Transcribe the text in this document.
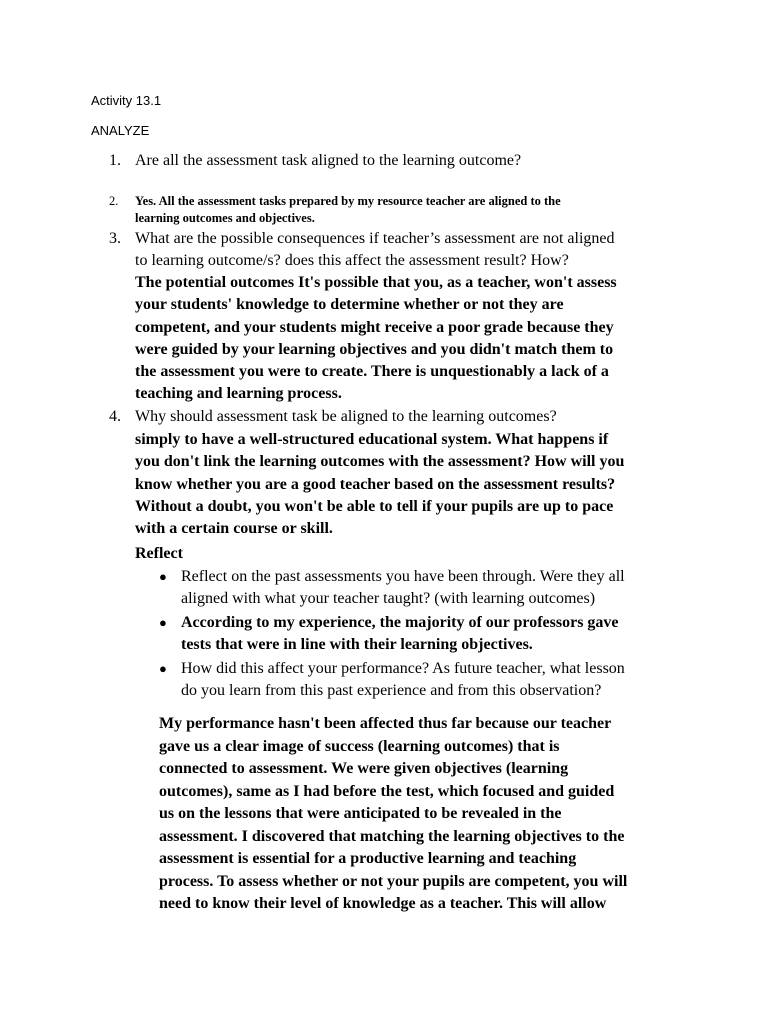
Activity 13.1
ANALYZE
1. Are all the assessment task aligned to the learning outcome?
2.	Yes. All the assessment tasks prepared by my resource teacher are aligned to the
learning outcomes and objectives.
3. What are the possible consequences if teacher’s assessment are not aligned
to learning outcome/s? does this affect the assessment result? How?
The potential outcomes It's possible that you, as a teacher, won't assess
your students' knowledge to determine whether or not they are
competent, and your students might receive a poor grade because they
were guided by your learning objectives and you didn't match them to
the assessment you were to create. There is unquestionably a lack of a
teaching and learning process.
4. Why should assessment task be aligned to the learning outcomes?
simply to have a well-structured educational system. What happens if
you don't link the learning outcomes with the assessment? How will you
know whether you are a good teacher based on the assessment results?
Without a doubt, you won't be able to tell if your pupils are up to pace
with a certain course or skill.
Reflect
● Reflect on the past assessments you have been through. Were they all
aligned with what your teacher taught? (with learning outcomes)
● According to my experience, the majority of our professors gave
tests that were in line with their learning objectives.
● How did this affect your performance? As future teacher, what lesson
do you learn from this past experience and from this observation?
My performance hasn't been affected thus far because our teacher
gave us a clear image of success (learning outcomes) that is
connected to assessment. We were given objectives (learning
outcomes), same as I had before the test, which focused and guided
us on the lessons that were anticipated to be revealed in the
assessment. I discovered that matching the learning objectives to the
assessment is essential for a productive learning and teaching
process. To assess whether or not your pupils are competent, you will
need to know their level of knowledge as a teacher. This will allow
